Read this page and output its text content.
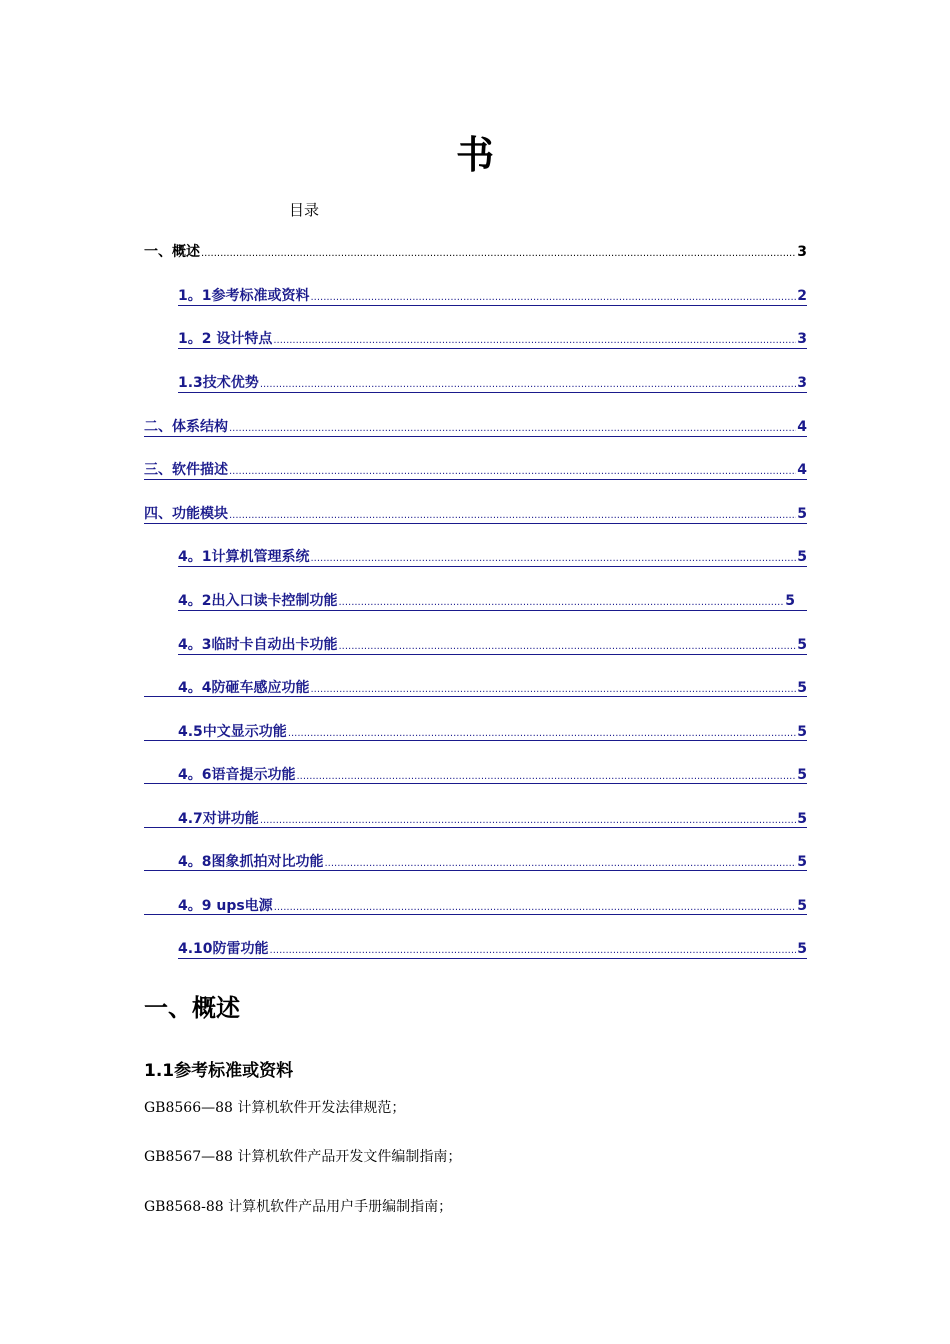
书
目录
一、概述 .....	3
1。1参考标准或资料 .....	2
1。2 设计特点 .....	3
1.3技术优势 .....	3
二、体系结构 .....	4
三、软件描述 .....	4
四、功能模块 .....	5
4。1计算机管理系统 .....	5
4。2出入口读卡控制功能 .....	5
4。3临时卡自动出卡功能 .....	5
4。4防砸车感应功能 .....	5
4.5中文显示功能 .....	5
4。6语音提示功能 .....	5
4.7对讲功能 .....	5
4。8图象抓拍对比功能 .....	5
4。9 ups电源 .....	5
4.10防雷功能 .....	5
一、概述
1.1参考标准或资料
GB8566—88 计算机软件开发法律规范；
GB8567—88 计算机软件产品开发文件编制指南；
GB8568-88 计算机软件产品用户手册编制指南；
